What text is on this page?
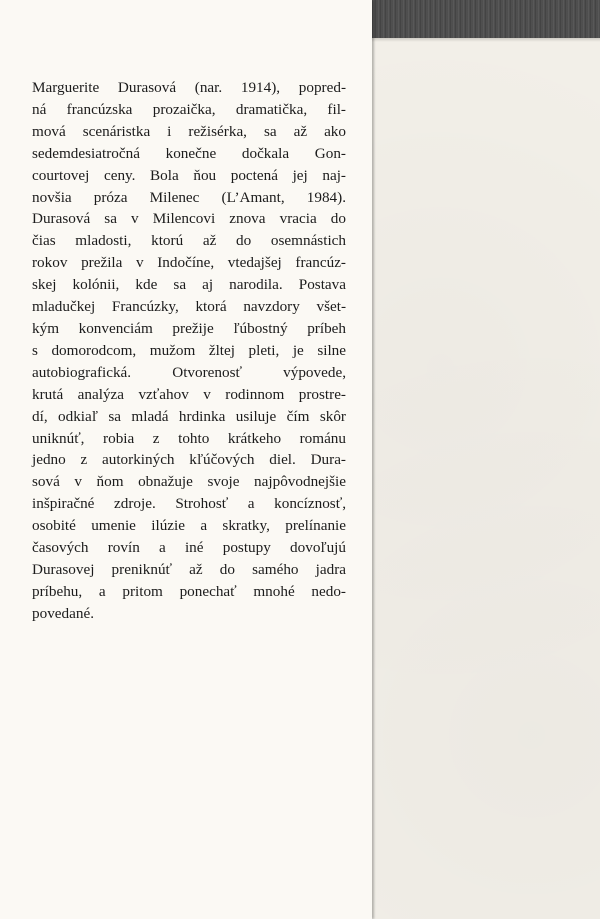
Marguerite Durasová (nar. 1914), popred-
ná francúzska prozaička, dramatička, fil-
mová scenáristka i režisérka, sa až ako
sedemdesiatročná konečne dočkala Gon-
courtovej ceny. Bola ňou poctená jej naj-
novšia próza Milenec (L’Amant, 1984).
Durasová sa v Milencovi znova vracia do
čias mladosti, ktorú až do osemnástich
rokov prežila v Indočíne, vtedajšej francúz-
skej kolónii, kde sa aj narodila. Postava
mladučkej Francúzky, ktorá navzdory všet-
kým konvenciám prežije ľúbostný príbeh
s domorodcom, mužom žltej pleti, je silne
autobiografická. Otvorenosť výpovede,
krutá analýza vzťahov v rodinnom prostre-
dí, odkiaľ sa mladá hrdinka usiluje čím skôr
uniknúť, robia z tohto krátkeho románu
jedno z autorkiných kľúčových diel. Dura-
sová v ňom obnažuje svoje najpôvodnejšie
inšpiračné zdroje. Strohosť a koncíznosť,
osobité umenie ilúzie a skratky, prelínanie
časových rovín a iné postupy dovoľujú
Durasovej preniknúť až do samého jadra
príbehu, a pritom ponechať mnohé nedo-
povedané.
